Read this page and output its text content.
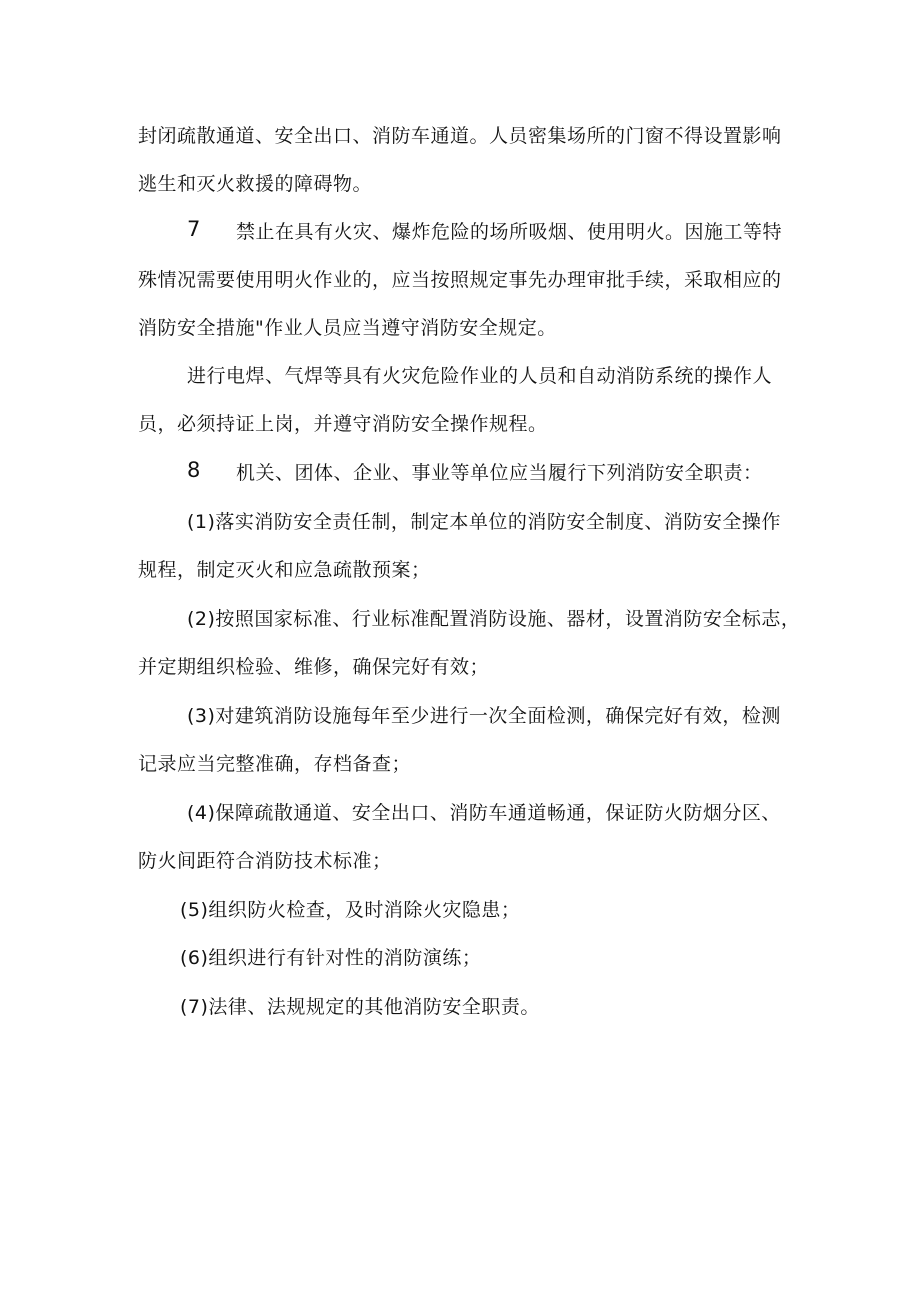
封闭疏散通道、安全出口、消防车通道。人员密集场所的门窗不得设置影响
逃生和灭火救援的障碍物。
7 禁止在具有火灾、爆炸危险的场所吸烟、使用明火。因施工等特
殊情况需要使用明火作业的，应当按照规定事先办理审批手续，采取相应的
消防安全措施"作业人员应当遵守消防安全规定。
进行电焊、气焊等具有火灾危险作业的人员和自动消防系统的操作人
员，必须持证上岗，并遵守消防安全操作规程。
8 机关、团体、企业、事业等单位应当履行下列消防安全职责：
(1)落实消防安全责任制，制定本单位的消防安全制度、消防安全操作
规程，制定灭火和应急疏散预案；
(2)按照国家标准、行业标准配置消防设施、器材，设置消防安全标志，
并定期组织检验、维修，确保完好有效；
(3)对建筑消防设施每年至少进行一次全面检测，确保完好有效，检测
记录应当完整准确，存档备查；
(4)保障疏散通道、安全出口、消防车通道畅通，保证防火防烟分区、
防火间距符合消防技术标准；
(5)组织防火检查，及时消除火灾隐患；
(6)组织进行有针对性的消防演练；
(7)法律、法规规定的其他消防安全职责。
